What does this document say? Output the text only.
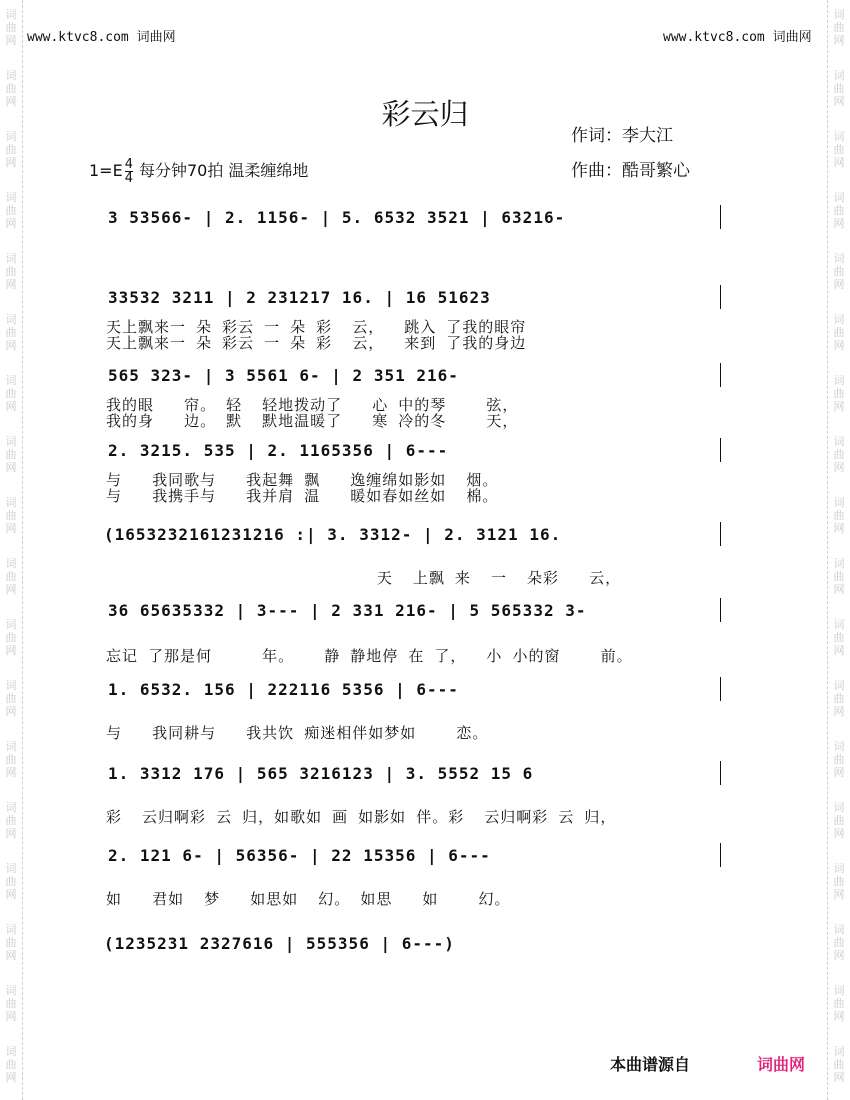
词
曲
网
词
曲
网
词
曲
网
词
曲
网
词
曲
网
词
曲
网
词
曲
网
词
曲
网
词
曲
网
词
曲
网
词
曲
网
词
曲
网
词
曲
网
词
曲
网
词
曲
网
词
曲
网
词
曲
网
词
曲
网
词
曲
网
词
曲
网
词
曲
网
词
曲
网
词
曲
网
词
曲
网
词
曲
网
词
曲
网
词
曲
网
词
曲
网
词
曲
网
词
曲
网
词
曲
网
词
曲
网
词
曲
网
词
曲
网
词
曲
网
词
曲
网
www.ktvc8.com 词曲网	www.ktvc8.com 词曲网
彩云归
作词：李大江
作曲：酷哥繁心
$1=E \frac{4}{4}$ 每分钟70拍 温柔缠绵地
3 53566- | 2. 1156- | 5. 6532 3521 | 63216-
33532 3211 | 2 231217 16. | 16 51623
天上飘来一 朵 彩云 一 朵 彩  云，  跳入 了我的眼帘
天上飘来一 朵 彩云 一 朵 彩  云，  来到 了我的身边
565 323- | 3 5561 6- | 2 351 216-
我的眼   帘。 轻  轻地拨动了   心 中的琴    弦，
我的身   边。 默  默地温暖了   寒 冷的冬    天，
2. 3215. 535 | 2. 1165356 | 6---
与   我同歌与   我起舞 飘   逸缠绵如影如  烟。
与   我携手与   我并肩 温   暖如春如丝如  棉。
(1653232161231216 :| 3. 3312- | 2. 3121 16.
天  上飘 来  一  朵彩   云，
36 65635332 | 3--- | 2 331 216- | 5 565332 3-
忘记 了那是何     年。   静 静地停 在 了，  小 小的窗    前。
1. 6532. 156 | 222116 5356 | 6---
与   我同耕与   我共饮 痴迷相伴如梦如    恋。
1. 3312 176 | 565 3216123 | 3. 5552 15 6
彩  云归啊彩 云 归，如歌如 画 如影如 伴。彩  云归啊彩 云 归，
2. 121 6- | 56356- | 22 15356 | 6---
如   君如  梦   如思如  幻。 如思   如    幻。
(1235231 2327616 | 555356 | 6---)
本曲谱源自	词曲网
